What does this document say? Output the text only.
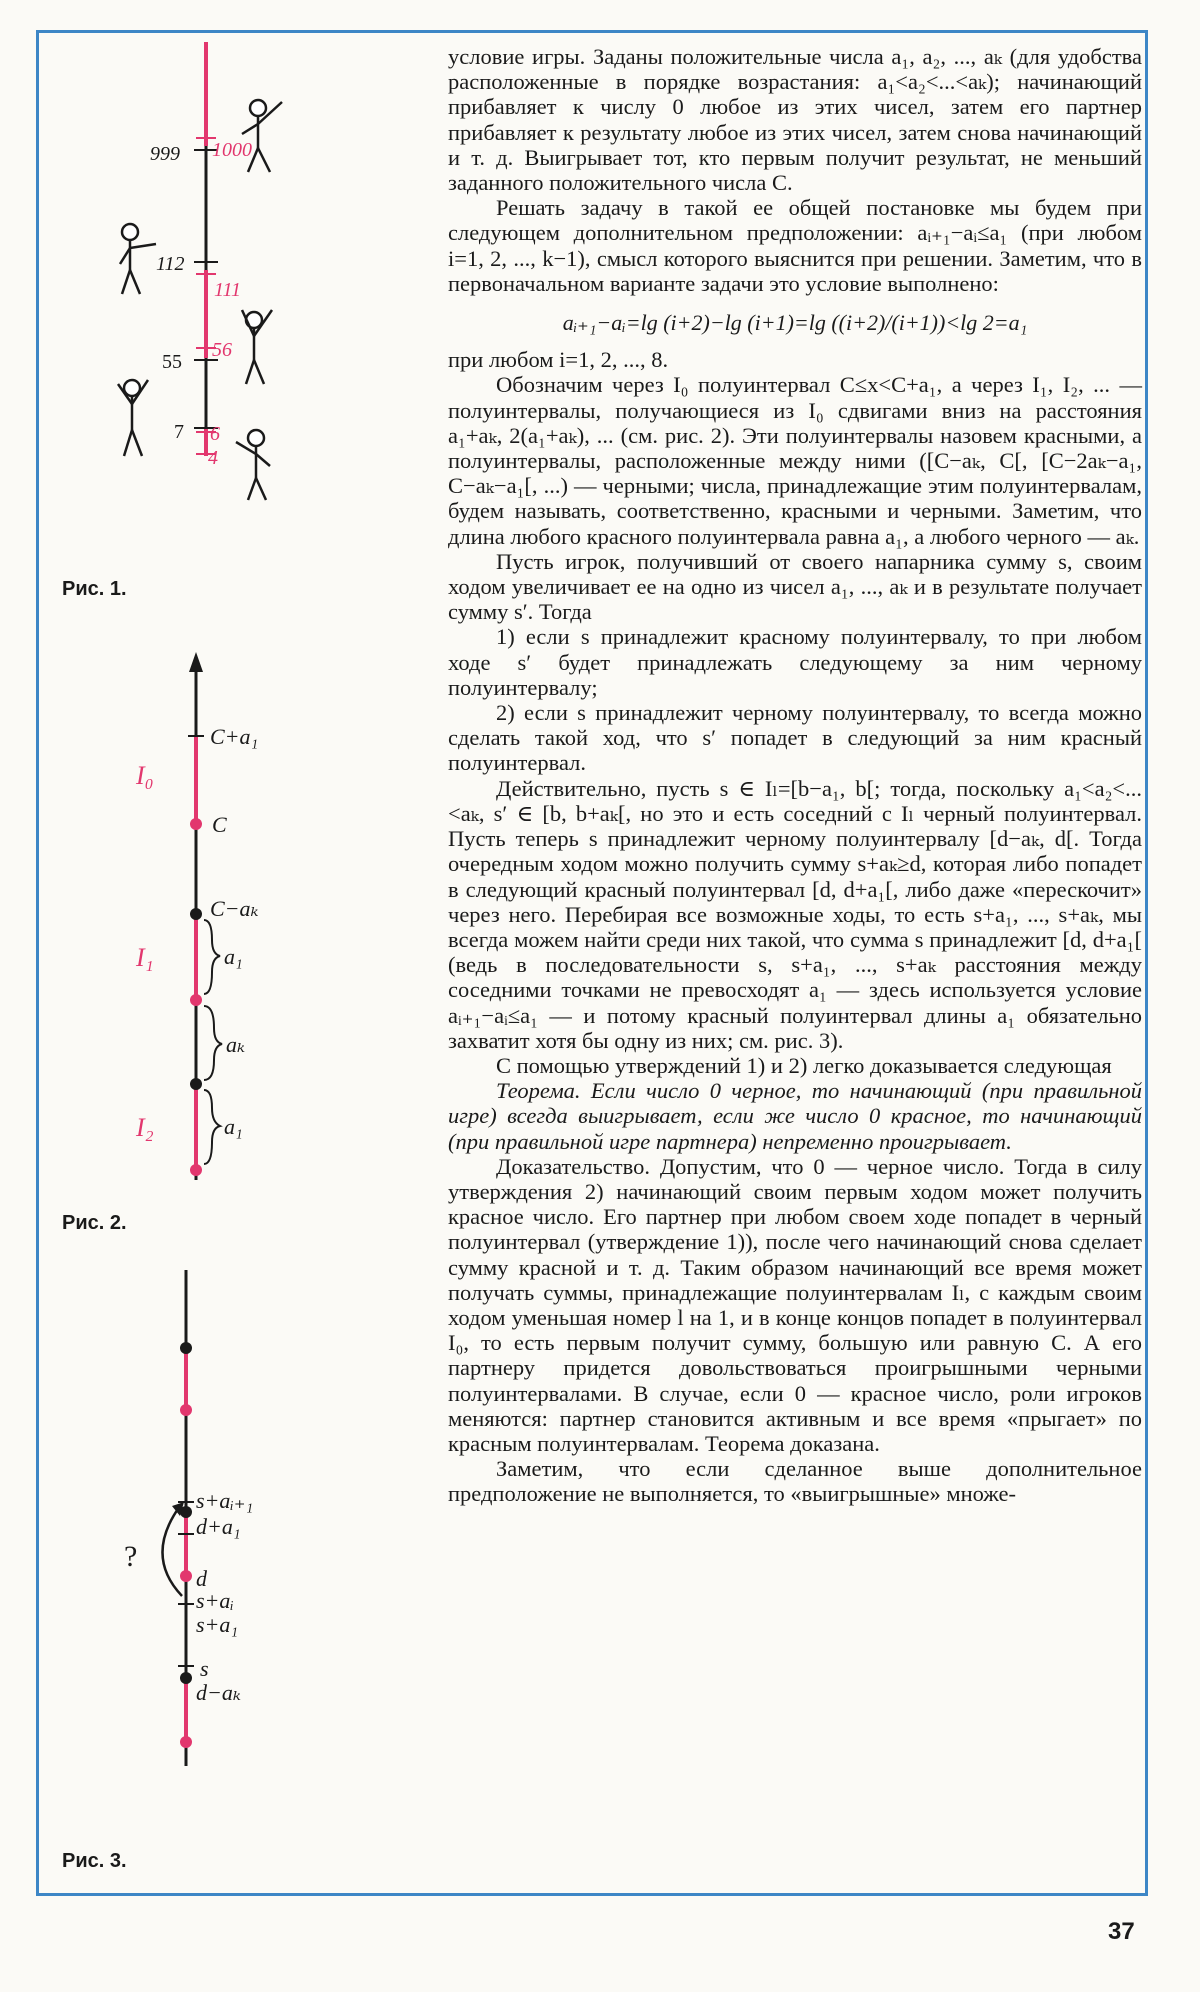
999 1000
112
111
55
56
7 6
4
Рис. 1.
C+a₁
I₀
C
C−aₖ
a₁
I₁
aₖ
a₁
I₂
Рис. 2.
s+aᵢ₊₁
d+a₁
d
s+aᵢ
s+a₁
s
d−aₖ
?
Рис. 3.

условие игры. Заданы положительные числа a₁, a₂, ..., aₖ (для удобства расположенные в порядке возрастания: a₁<a₂<...<aₖ); начинающий прибавляет к числу 0 любое из этих чисел, затем его партнер прибавляет к результату любое из этих чисел, затем снова начинающий и т. д. Выигрывает тот, кто первым получит результат, не меньший заданного положительного числа C.

Решать задачу в такой ее общей постановке мы будем при следующем дополнительном предположении: aᵢ₊₁−aᵢ≤a₁ (при любом i=1, 2, ..., k−1), смысл которого выяснится при решении. Заметим, что в первоначальном варианте задачи это условие выполнено:

aᵢ₊₁−aᵢ=lg (i+2)−lg (i+1)=lg ((i+2)/(i+1))<lg 2=a₁

при любом i=1, 2, ..., 8.

Обозначим через I₀ полуинтервал C≤x<C+a₁, а через I₁, I₂, ... — полуинтервалы, получающиеся из I₀ сдвигами вниз на расстояния a₁+aₖ, 2(a₁+aₖ), ... (см. рис. 2). Эти полуинтервалы назовем красными, а полуинтервалы, расположенные между ними ([C−aₖ, C[, [C−2aₖ−a₁, C−aₖ−a₁[, ...) — черными; числа, принадлежащие этим полуинтервалам, будем называть, соответственно, красными и черными. Заметим, что длина любого красного полуинтервала равна a₁, а любого черного — aₖ.

Пусть игрок, получивший от своего напарника сумму s, своим ходом увеличивает ее на одно из чисел a₁, ..., aₖ и в результате получает сумму s′. Тогда

1) если s принадлежит красному полуинтервалу, то при любом ходе s′ будет принадлежать следующему за ним черному полуинтервалу;

2) если s принадлежит черному полуинтервалу, то всегда можно сделать такой ход, что s′ попадет в следующий за ним красный полуинтервал.

Действительно, пусть s ∈ Iₗ=[b−a₁, b[; тогда, поскольку a₁<a₂<...<aₖ, s′ ∈ [b, b+aₖ[, но это и есть соседний с Iₗ черный полуинтервал. Пусть теперь s принадлежит черному полуинтервалу [d−aₖ, d[. Тогда очередным ходом можно получить сумму s+aₖ≥d, которая либо попадет в следующий красный полуинтервал [d, d+a₁[, либо даже «перескочит» через него. Перебирая все возможные ходы, то есть s+a₁, ..., s+aₖ, мы всегда можем найти среди них такой, что сумма s принадлежит [d, d+a₁[ (ведь в последовательности s, s+a₁, ..., s+aₖ расстояния между соседними точками не превосходят a₁ — здесь используется условие aᵢ₊₁−aᵢ≤a₁ — и потому красный полуинтервал длины a₁ обязательно захватит хотя бы одну из них; см. рис. 3).

С помощью утверждений 1) и 2) легко доказывается следующая

Теорема. Если число 0 черное, то начинающий (при правильной игре) всегда выигрывает, если же число 0 красное, то начинающий (при правильной игре партнера) непременно проигрывает.

Доказательство. Допустим, что 0 — черное число. Тогда в силу утверждения 2) начинающий своим первым ходом может получить красное число. Его партнер при любом своем ходе попадет в черный полуинтервал (утверждение 1)), после чего начинающий снова сделает сумму красной и т. д. Таким образом начинающий все время может получать суммы, принадлежащие полуинтервалам Iₗ, с каждым своим ходом уменьшая номер l на 1, и в конце концов попадет в полуинтервал I₀, то есть первым получит сумму, большую или равную C. А его партнеру придется довольствоваться проигрышными черными полуинтервалами. В случае, если 0 — красное число, роли игроков меняются: партнер становится активным и все время «прыгает» по красным полуинтервалам. Теорема доказана.

Заметим, что если сделанное выше дополнительное предположение не выполняется, то «выигрышные» множе-

37
